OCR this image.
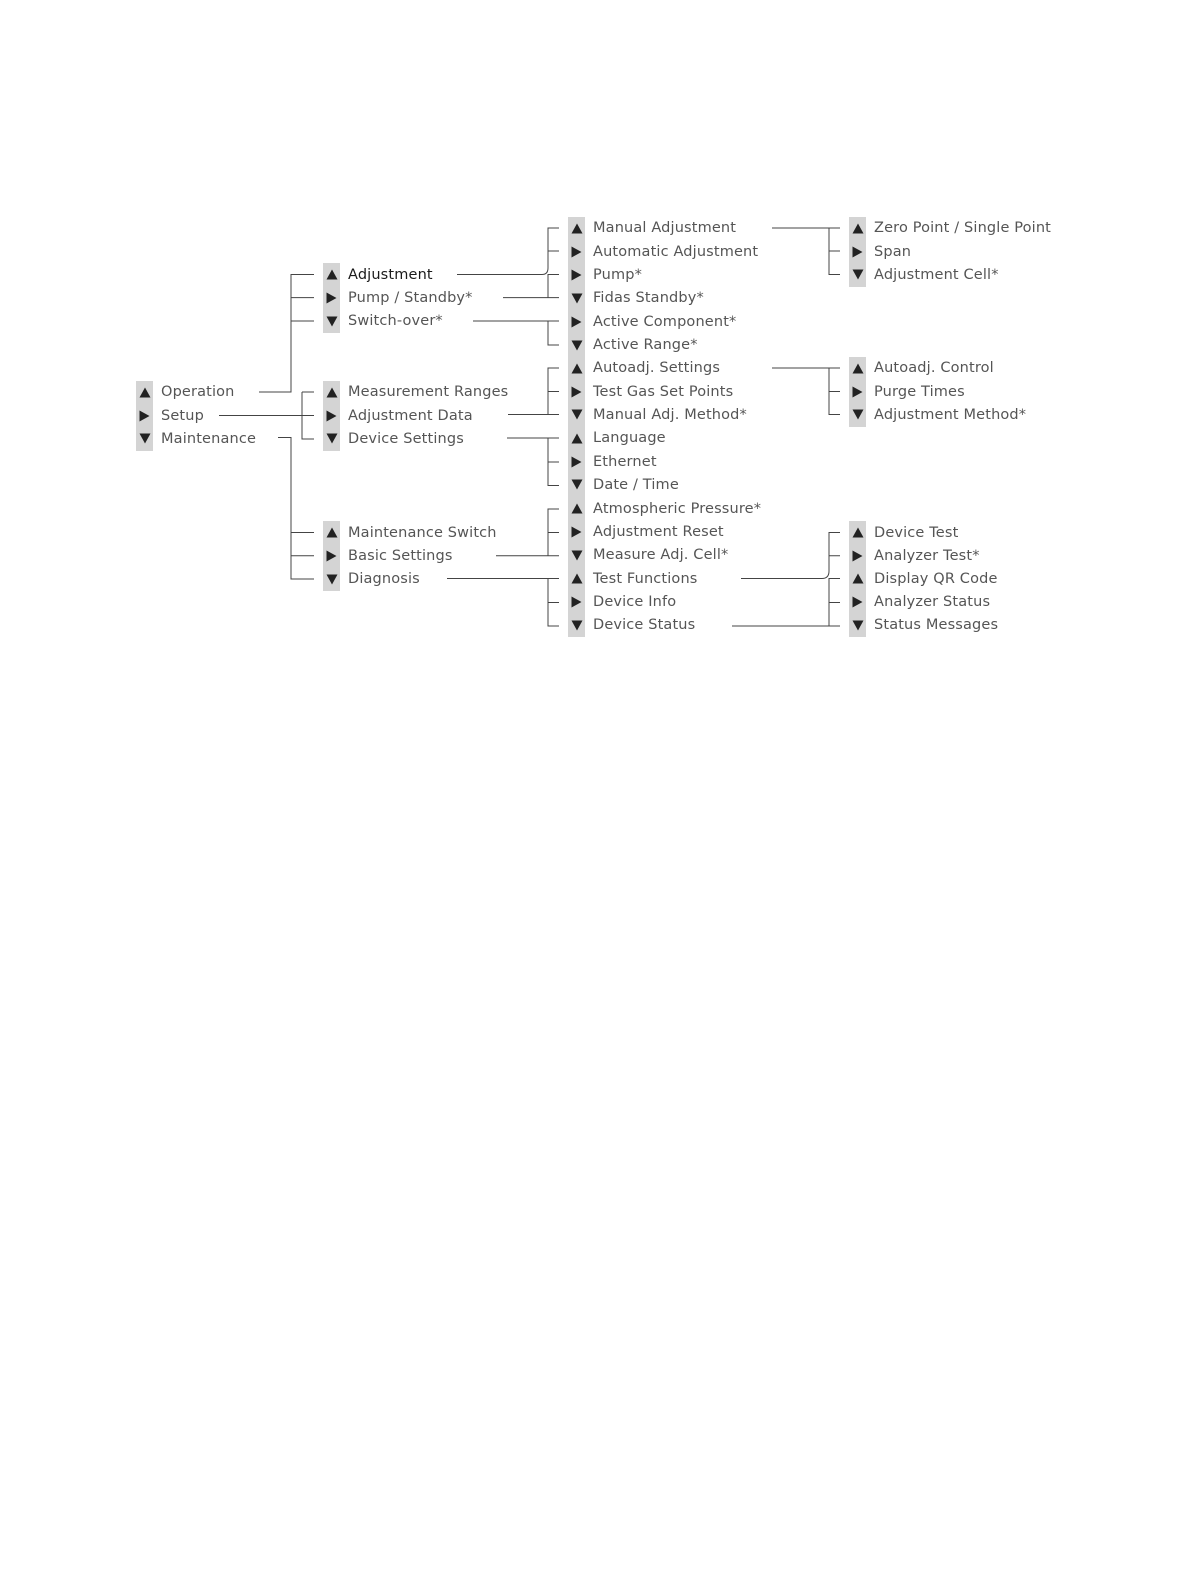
Operation
Setup
Maintenance
Adjustment
Pump / Standby*
Switch-over*
Measurement Ranges
Adjustment Data
Device Settings
Maintenance Switch
Basic Settings
Diagnosis
Manual Adjustment
Automatic Adjustment
Pump*
Fidas Standby*
Active Component*
Active Range*
Autoadj. Settings
Test Gas Set Points
Manual Adj. Method*
Language
Ethernet
Date / Time
Atmospheric Pressure*
Adjustment Reset
Measure Adj. Cell*
Test Functions
Device Info
Device Status
Zero Point / Single Point
Span
Adjustment Cell*
Autoadj. Control
Purge Times
Adjustment Method*
Device Test
Analyzer Test*
Display QR Code
Analyzer Status
Status Messages
